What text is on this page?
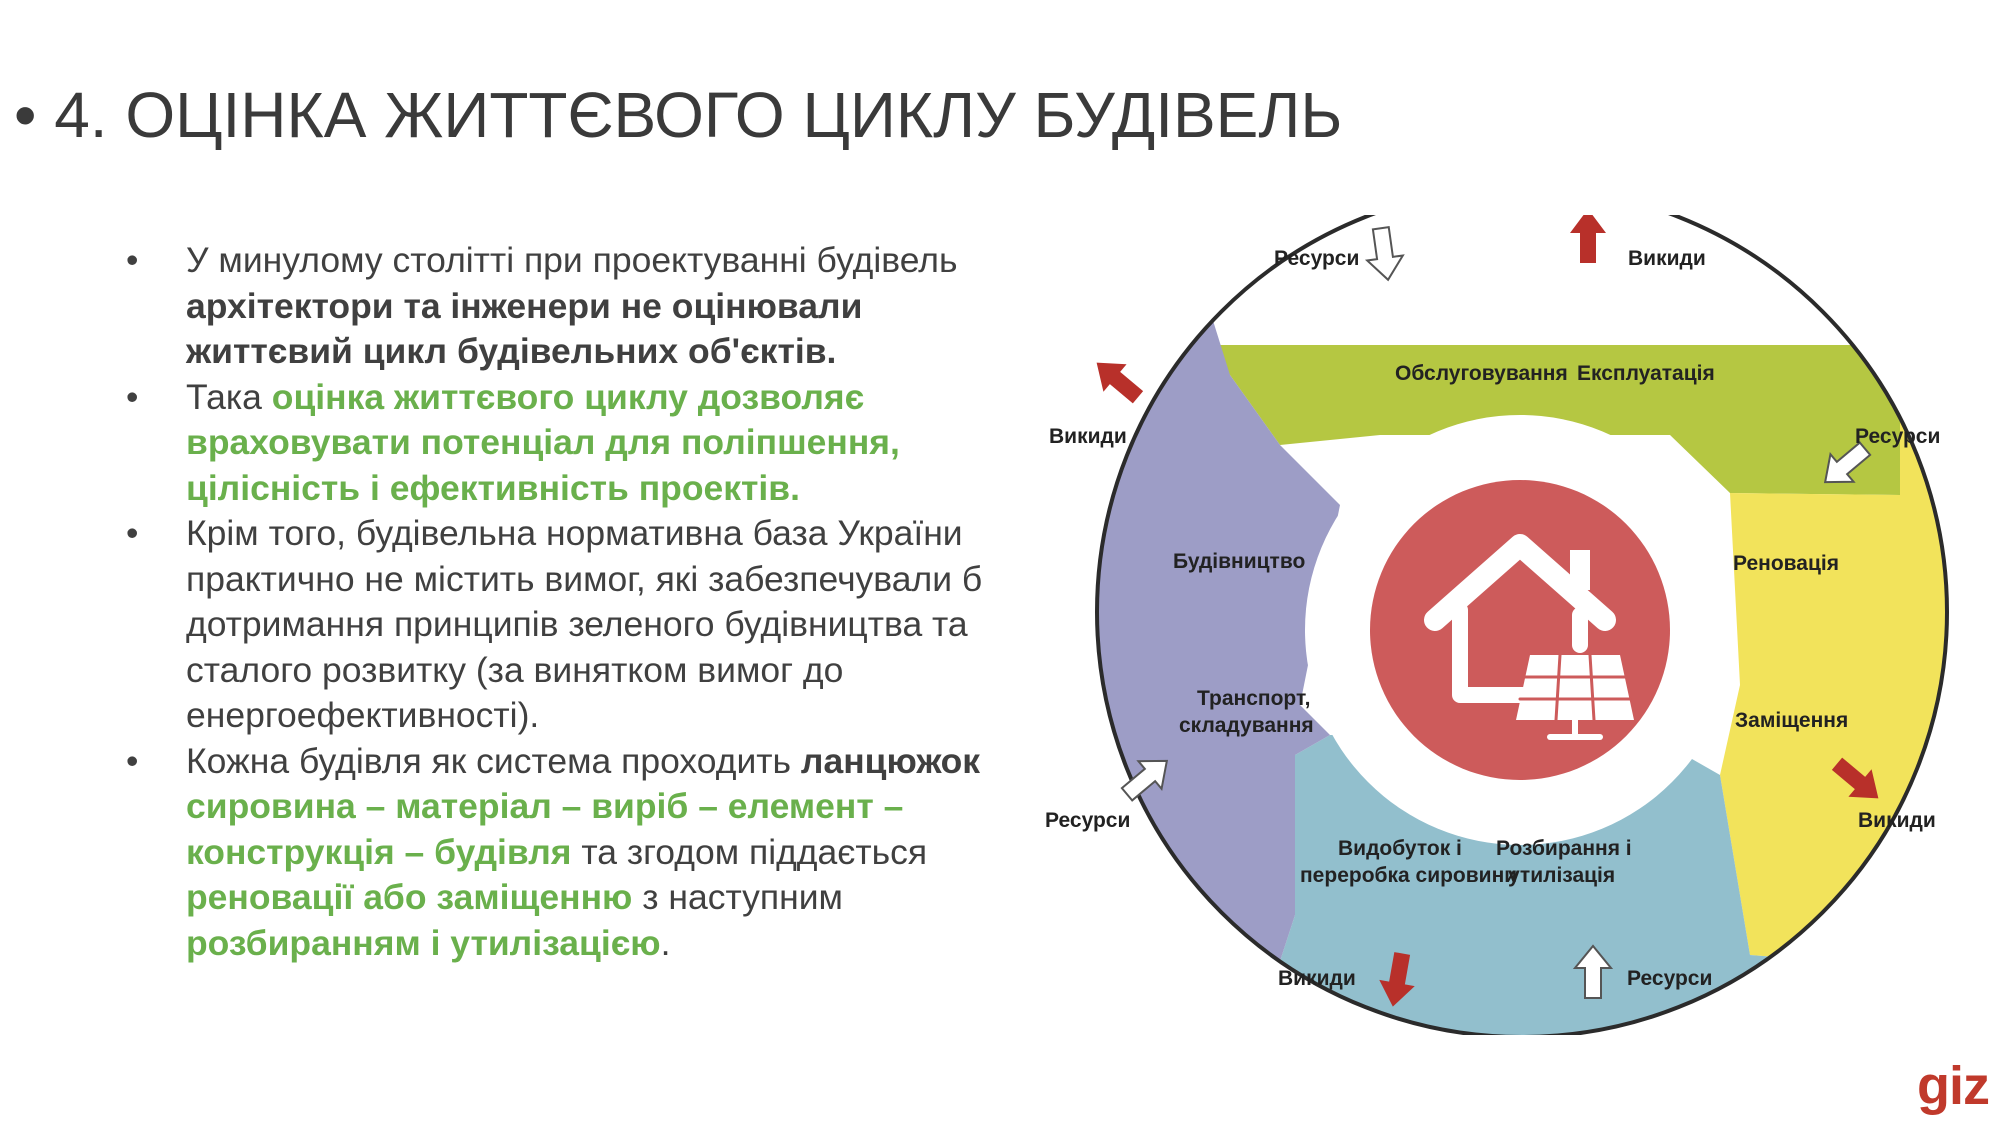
• 4. ОЦІНКА ЖИТТЄВОГО ЦИКЛУ БУДІВЕЛЬ
• У минулому столітті при проектуванні будівель архітектори та інженери не оцінювали життєвий цикл будівельних об'єктів.
• Така оцінка життєвого циклу дозволяє враховувати потенціал для поліпшення, цілісність і ефективність проектів.
• Крім того, будівельна нормативна база України практично не містить вимог, які забезпечували б дотримання принципів зеленого будівництва та сталого розвитку (за винятком вимог до енергоефективності).
• Кожна будівля як система проходить ланцюжок сировина – матеріал – виріб – елемент – конструкція – будівля та згодом піддається реновації або заміщенню з наступним розбиранням і утилізацією.
Обслуговування Експлуатація
Реновація
Заміщення
Будівництво
Транспорт,
складування
Видобуток і
переробка сировини
Розбирання і
утилізація
Ресурси	Викиди
Викиди	Ресурси
Ресурси	Викиди
Викиди	Ресурси
giz
